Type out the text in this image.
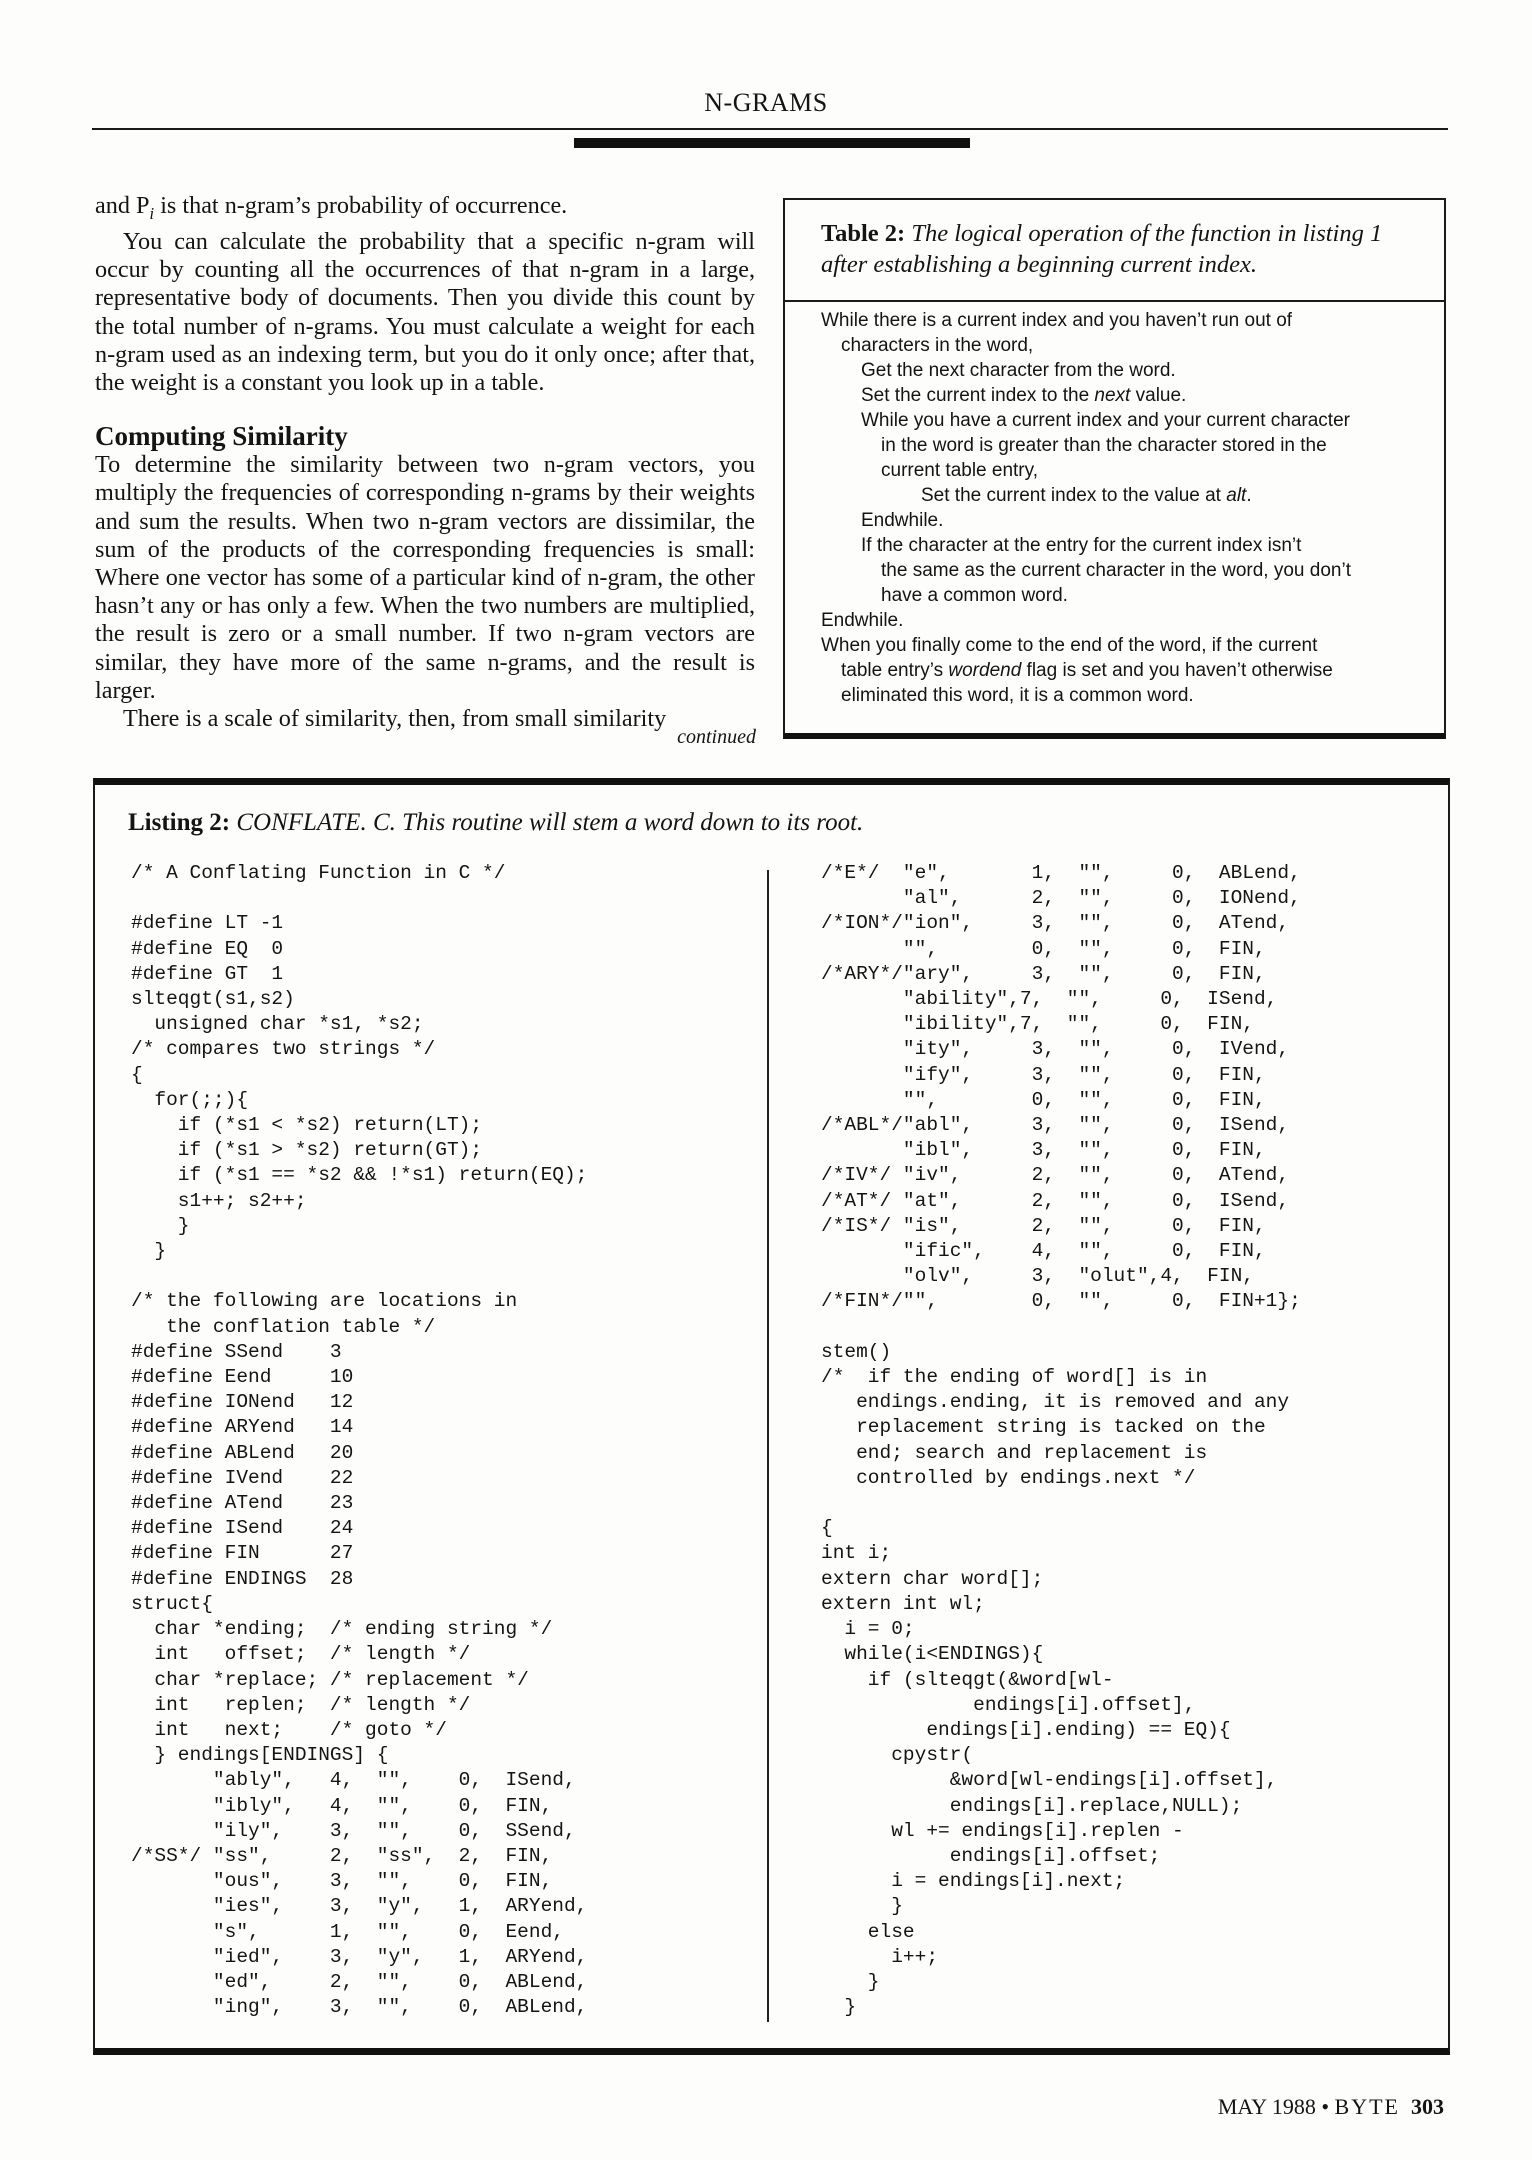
N-GRAMS

and $P_i$ is that n-gram’s probability of occurrence.

You can calculate the probability that a specific n-gram will occur by counting all the occurrences of that n-gram in a large, representative body of documents. Then you divide this count by the total number of n-grams. You must calculate a weight for each n-gram used as an indexing term, but you do it only once; after that, the weight is a constant you look up in a table.

Computing Similarity

To determine the similarity between two n-gram vectors, you multiply the frequencies of corresponding n-grams by their weights and sum the results. When two n-gram vectors are dissimilar, the sum of the products of the corresponding frequencies is small: Where one vector has some of a particular kind of n-gram, the other hasn’t any or has only a few. When the two numbers are multiplied, the result is zero or a small number. If two n-gram vectors are similar, they have more of the same n-grams, and the result is larger.

There is a scale of similarity, then, from small similarity

continued
Table 2: The logical operation of the function in listing 1 after establishing a beginning current index.
While there is a current index and you haven’t run out of
characters in the word,
Get the next character from the word.
Set the current index to the next value.
While you have a current index and your current character
in the word is greater than the character stored in the
current table entry,
Set the current index to the value at alt.
Endwhile.
If the character at the entry for the current index isn’t
the same as the current character in the word, you don’t
have a common word.
Endwhile.
When you finally come to the end of the word, if the current
table entry’s wordend flag is set and you haven’t otherwise
eliminated this word, it is a common word.
Listing 2: CONFLATE. C. This routine will stem a word down to its root.
/* A Conflating Function in C */

#define LT -1
#define EQ  0
#define GT  1
slteqgt(s1,s2)
unsigned char *s1, *s2;
/* compares two strings */
{
for(;;){
if (*s1 < *s2) return(LT);
if (*s1 > *s2) return(GT);
if (*s1 == *s2 && !*s1) return(EQ);
s1++; s2++;
}
}

/* the following are locations in
the conflation table */
#define SSend    3
#define Eend     10
#define IONend   12
#define ARYend   14
#define ABLend   20
#define IVend    22
#define ATend    23
#define ISend    24
#define FIN      27
#define ENDINGS  28
struct{
char *ending;  /* ending string */
int   offset;  /* length */
char *replace; /* replacement */
int   replen;  /* length */
int   next;    /* goto */
} endings[ENDINGS] {
"ably",   4,  "",    0,  ISend,
"ibly",   4,  "",    0,  FIN,
"ily",    3,  "",    0,  SSend,
/*SS*/ "ss",     2,  "ss",  2,  FIN,
"ous",    3,  "",    0,  FIN,
"ies",    3,  "y",   1,  ARYend,
"s",      1,  "",    0,  Eend,
"ied",    3,  "y",   1,  ARYend,
"ed",     2,  "",    0,  ABLend,
"ing",    3,  "",    0,  ABLend,
/*E*/  "e",       1,  "",     0,  ABLend,
"al",      2,  "",     0,  IONend,
/*ION*/"ion",     3,  "",     0,  ATend,
"",        0,  "",     0,  FIN,
/*ARY*/"ary",     3,  "",     0,  FIN,
"ability",7,  "",     0,  ISend,
"ibility",7,  "",     0,  FIN,
"ity",     3,  "",     0,  IVend,
"ify",     3,  "",     0,  FIN,
"",        0,  "",     0,  FIN,
/*ABL*/"abl",     3,  "",     0,  ISend,
"ibl",     3,  "",     0,  FIN,
/*IV*/ "iv",      2,  "",     0,  ATend,
/*AT*/ "at",      2,  "",     0,  ISend,
/*IS*/ "is",      2,  "",     0,  FIN,
"ific",    4,  "",     0,  FIN,
"olv",     3,  "olut",4,  FIN,
/*FIN*/"",        0,  "",     0,  FIN+1};

stem()
/*  if the ending of word[] is in
endings.ending, it is removed and any
replacement string is tacked on the
end; search and replacement is
controlled by endings.next */

{
int i;
extern char word[];
extern int wl;
i = 0;
while(i<ENDINGS){
if (slteqgt(&word[wl-
endings[i].offset],
endings[i].ending) == EQ){
cpystr(
&word[wl-endings[i].offset],
endings[i].replace,NULL);
wl += endings[i].replen -
endings[i].offset;
i = endings[i].next;
}
else
i++;
}
}
MAY 1988 • BYTE 303
